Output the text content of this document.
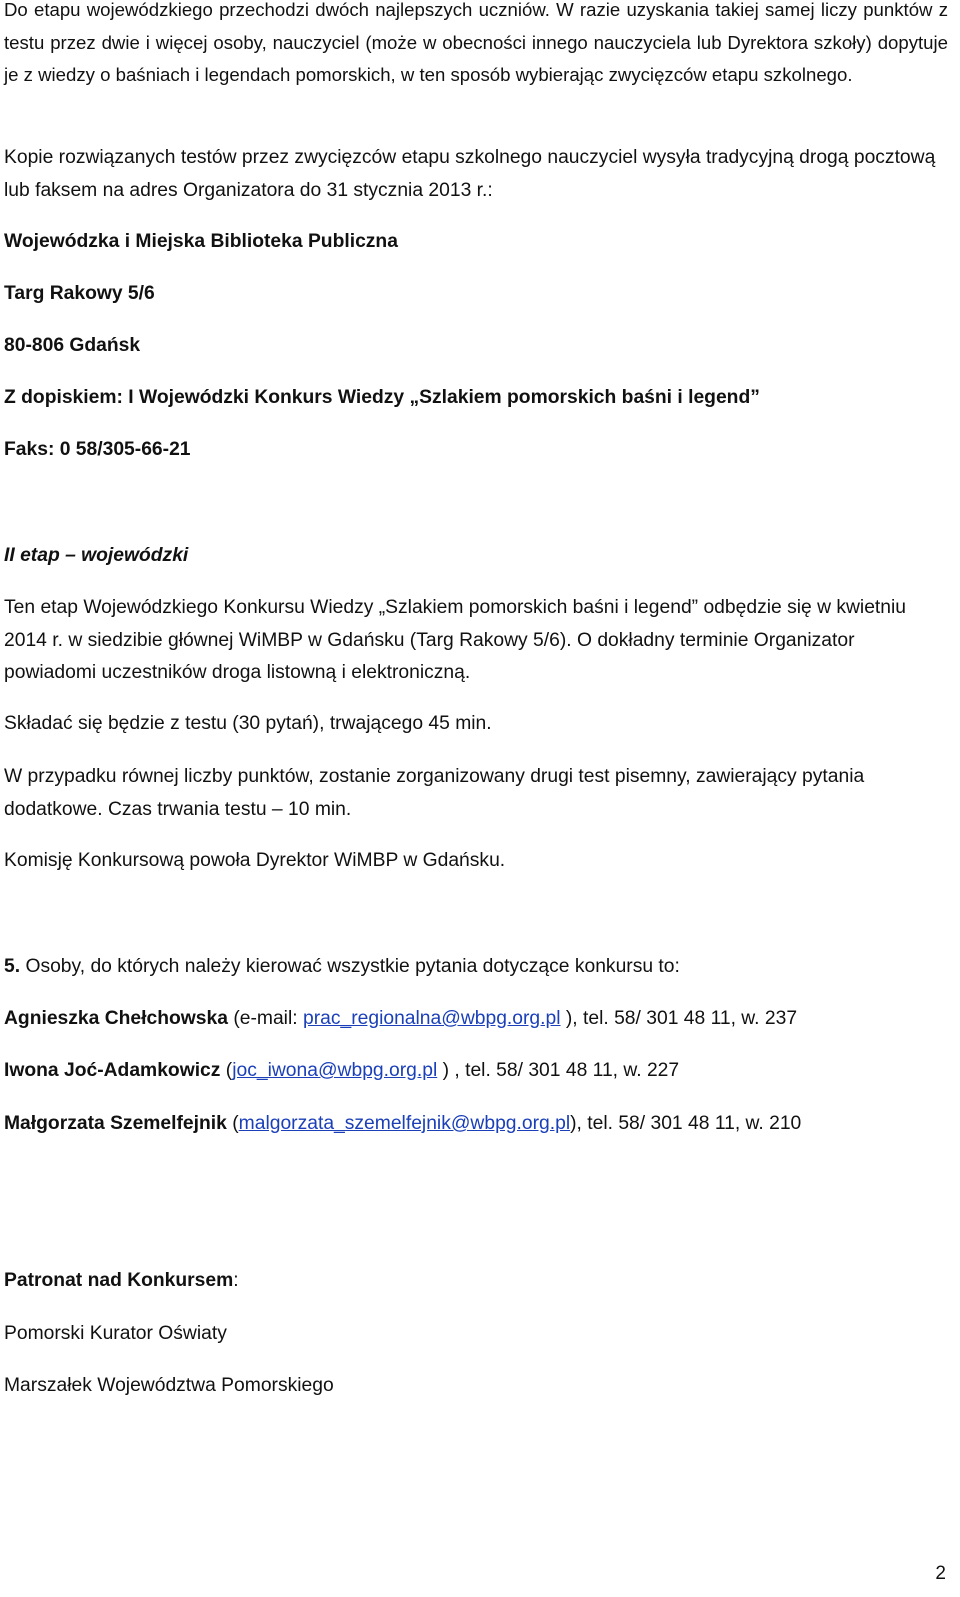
Do etapu wojewódzkiego przechodzi dwóch najlepszych uczniów. W razie uzyskania takiej samej liczy punktów z testu przez dwie i więcej osoby, nauczyciel (może w obecności innego nauczyciela lub Dyrektora szkoły) dopytuje je z wiedzy o baśniach i legendach pomorskich, w ten sposób wybierając zwycięzców etapu szkolnego.

Kopie rozwiązanych testów przez zwycięzców etapu szkolnego nauczyciel wysyła tradycyjną drogą pocztową lub faksem na adres Organizatora do 31 stycznia 2013 r.:

Wojewódzka i Miejska Biblioteka Publiczna

Targ Rakowy 5/6

80-806 Gdańsk

Z dopiskiem: I Wojewódzki Konkurs Wiedzy „Szlakiem pomorskich baśni i legend”

Faks: 0 58/305-66-21

II etap – wojewódzki

Ten etap Wojewódzkiego Konkursu Wiedzy „Szlakiem pomorskich baśni i legend” odbędzie się w kwietniu 2014 r. w siedzibie głównej WiMBP w Gdańsku (Targ Rakowy 5/6). O dokładny terminie Organizator powiadomi uczestników droga listowną i elektroniczną.

Składać się będzie z testu (30 pytań), trwającego 45 min.

W przypadku równej liczby punktów, zostanie zorganizowany drugi test pisemny, zawierający pytania dodatkowe. Czas trwania testu – 10 min.

Komisję Konkursową powoła Dyrektor WiMBP w Gdańsku.

5. Osoby, do których należy kierować wszystkie pytania dotyczące konkursu to:

Agnieszka Chełchowska (e-mail: prac_regionalna@wbpg.org.pl ), tel. 58/ 301 48 11, w. 237

Iwona Joć-Adamkowicz (joc_iwona@wbpg.org.pl ) , tel. 58/ 301 48 11, w. 227

Małgorzata Szemelfejnik (malgorzata_szemelfejnik@wbpg.org.pl), tel. 58/ 301 48 11, w. 210

Patronat nad Konkursem:

Pomorski Kurator Oświaty

Marszałek Województwa Pomorskiego

2
